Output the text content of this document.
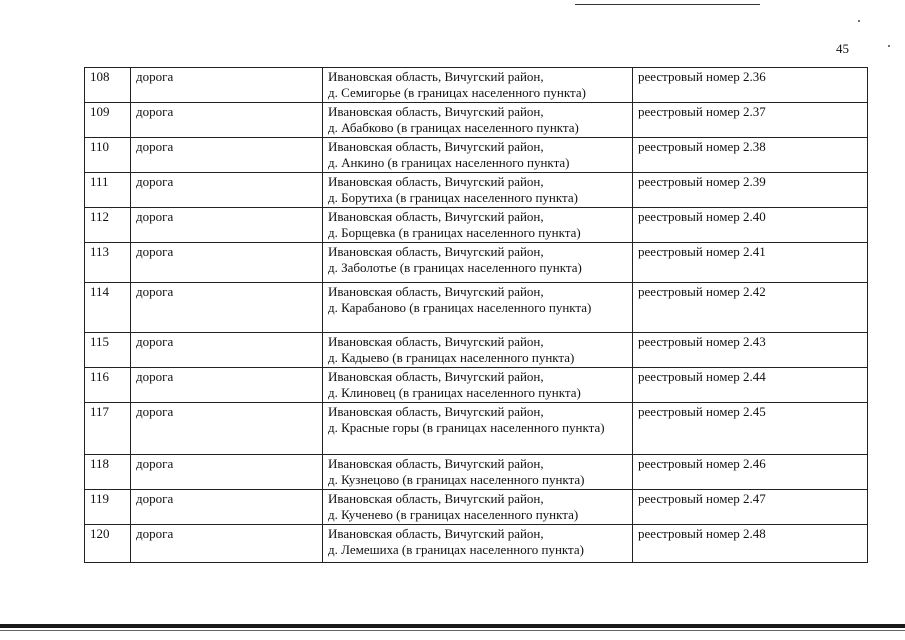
45
108	дорога	Ивановская область, Вичугский район,
д. Семигорье (в границах населенного пункта)	реестровый номер 2.36
109	дорога	Ивановская область, Вичугский район,
д. Абабково (в границах населенного пункта)	реестровый номер 2.37
110	дорога	Ивановская область, Вичугский район,
д. Анкино (в границах населенного пункта)	реестровый номер 2.38
111	дорога	Ивановская область, Вичугский район,
д. Борутиха (в границах населенного пункта)	реестровый номер 2.39
112	дорога	Ивановская область, Вичугский район,
д. Борщевка (в границах населенного пункта)	реестровый номер 2.40
113	дорога	Ивановская область, Вичугский район,
д. Заболотье (в границах населенного пункта)	реестровый номер 2.41
114	дорога	Ивановская область, Вичугский район,
д. Карабаново (в границах населенного пункта)	реестровый номер 2.42
115	дорога	Ивановская область, Вичугский район,
д. Кадыево (в границах населенного пункта)	реестровый номер 2.43
116	дорога	Ивановская область, Вичугский район,
д. Клиновец (в границах населенного пункта)	реестровый номер 2.44
117	дорога	Ивановская область, Вичугский район,
д. Красные горы (в границах населенного пункта)	реестровый номер 2.45
118	дорога	Ивановская область, Вичугский район,
д. Кузнецово (в границах населенного пункта)	реестровый номер 2.46
119	дорога	Ивановская область, Вичугский район,
д. Кученево (в границах населенного пункта)	реестровый номер 2.47
120	дорога	Ивановская область, Вичугский район,
д. Лемешиха (в границах населенного пункта)	реестровый номер 2.48
